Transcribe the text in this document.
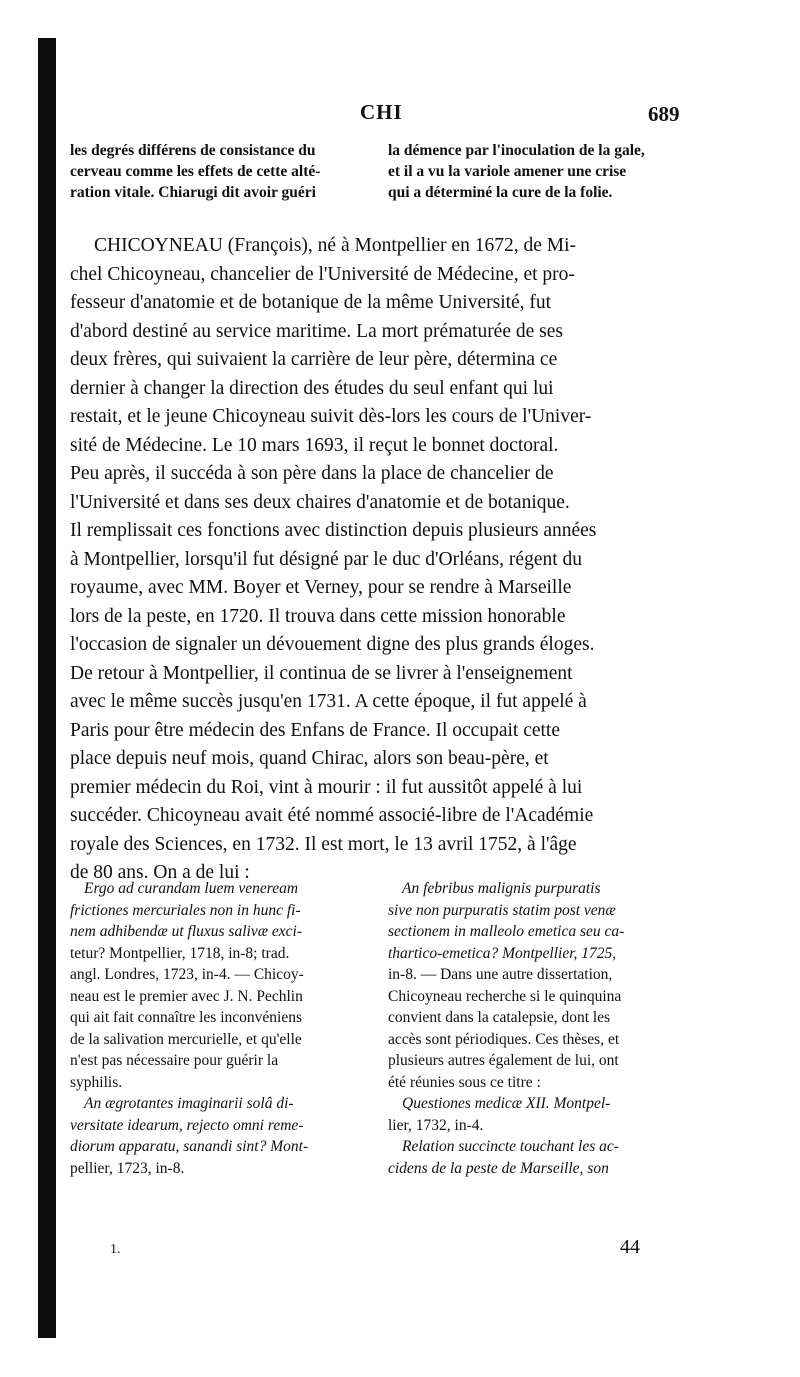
CHI	689
les degrés différens de consistance du
cerveau comme les effets de cette alté-
ration vitale. Chiarugi dit avoir guéri
la démence par l'inoculation de la gale,
et il a vu la variole amener une crise
qui a déterminé la cure de la folie.
CHICOYNEAU (François), né à Montpellier en 1672, de Mi-
chel Chicoyneau, chancelier de l'Université de Médecine, et pro-
fesseur d'anatomie et de botanique de la même Université, fut
d'abord destiné au service maritime. La mort prématurée de ses
deux frères, qui suivaient la carrière de leur père, détermina ce
dernier à changer la direction des études du seul enfant qui lui
restait, et le jeune Chicoyneau suivit dès-lors les cours de l'Univer-
sité de Médecine. Le 10 mars 1693, il reçut le bonnet doctoral.
Peu après, il succéda à son père dans la place de chancelier de
l'Université et dans ses deux chaires d'anatomie et de botanique.
Il remplissait ces fonctions avec distinction depuis plusieurs années
à Montpellier, lorsqu'il fut désigné par le duc d'Orléans, régent du
royaume, avec MM. Boyer et Verney, pour se rendre à Marseille
lors de la peste, en 1720. Il trouva dans cette mission honorable
l'occasion de signaler un dévouement digne des plus grands éloges.
De retour à Montpellier, il continua de se livrer à l'enseignement
avec le même succès jusqu'en 1731. A cette époque, il fut appelé à
Paris pour être médecin des Enfans de France. Il occupait cette
place depuis neuf mois, quand Chirac, alors son beau-père, et
premier médecin du Roi, vint à mourir : il fut aussitôt appelé à lui
succéder. Chicoyneau avait été nommé associé-libre de l'Académie
royale des Sciences, en 1732. Il est mort, le 13 avril 1752, à l'âge
de 80 ans. On a de lui :
Ergo ad curandam luem veneream
frictiones mercuriales non in hunc fi-
nem adhibendæ ut fluxus salivæ exci-
tetur? Montpellier, 1718, in-8; trad.
angl. Londres, 1723, in-4. — Chicoy-
neau est le premier avec J. N. Pechlin
qui ait fait connaître les inconvéniens
de la salivation mercurielle, et qu'elle
n'est pas nécessaire pour guérir la
syphilis.
An ægrotantes imaginarii solâ di-
versitate idearum, rejecto omni reme-
diorum apparatu, sanandi sint? Mont-
pellier, 1723, in-8.
An febribus malignis purpuratis
sive non purpuratis statim post venæ
sectionem in malleolo emetica seu ca-
thartico-emetica? Montpellier, 1725,
in-8. — Dans une autre dissertation,
Chicoyneau recherche si le quinquina
convient dans la catalepsie, dont les
accès sont périodiques. Ces thèses, et
plusieurs autres également de lui, ont
été réunies sous ce titre :
Questiones medicæ XII. Montpel-
lier, 1732, in-4.
Relation succincte touchant les ac-
cidens de la peste de Marseille, son
1.	44
